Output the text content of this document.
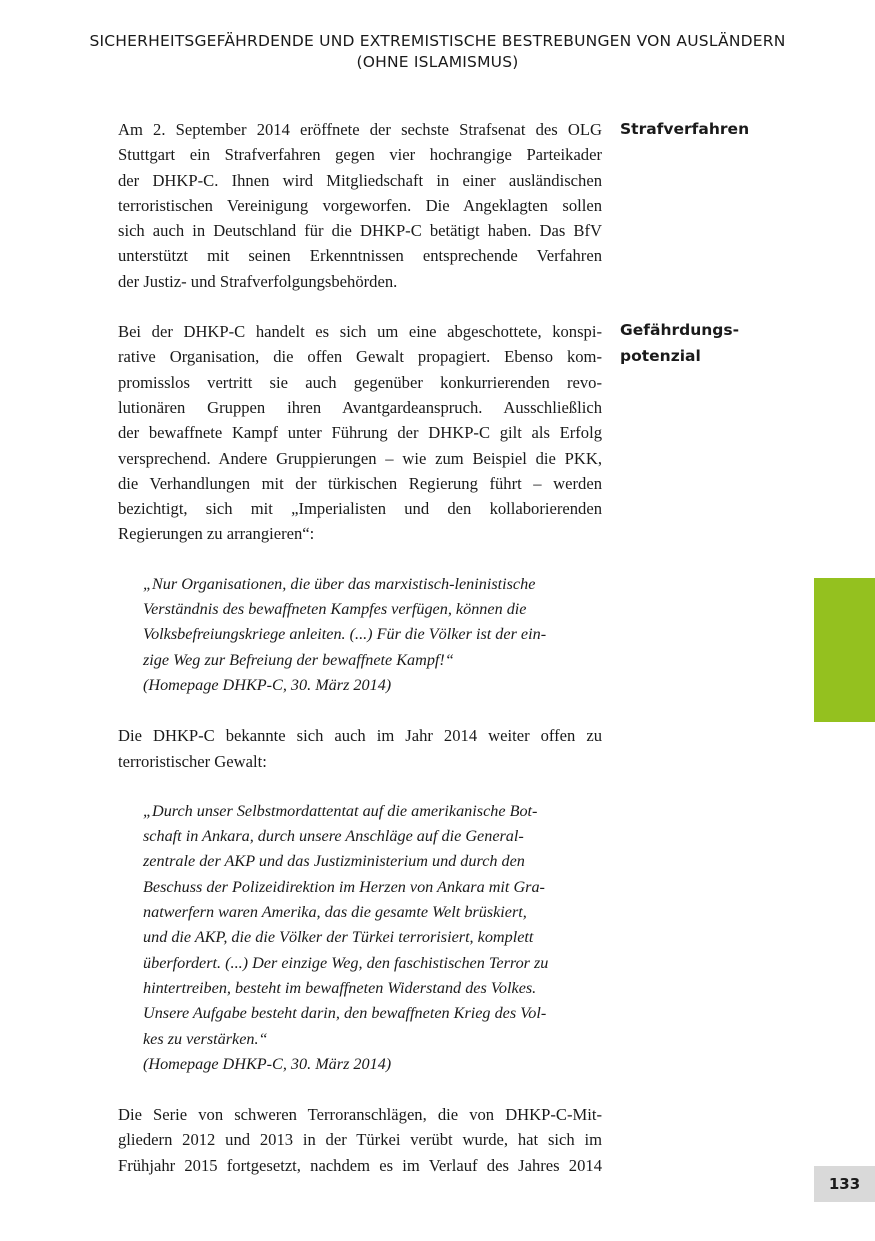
SICHERHEITSGEFÄHRDENDE UND EXTREMISTISCHE BESTREBUNGEN VON AUSLÄNDERN
(OHNE ISLAMISMUS)
Strafverfahren
Gefährdungs-
potenzial
Am 2. September 2014 eröffnete der sechste Strafsenat des OLG
Stuttgart ein Strafverfahren gegen vier hochrangige Parteikader
der DHKP-C. Ihnen wird Mitgliedschaft in einer ausländischen
terroristischen Vereinigung vorgeworfen. Die Angeklagten sollen
sich auch in Deutschland für die DHKP-C betätigt haben. Das BfV
unterstützt mit seinen Erkenntnissen entsprechende Verfahren
der Justiz- und Strafverfolgungsbehörden.
Bei der DHKP-C handelt es sich um eine abgeschottete, konspi-
rative Organisation, die offen Gewalt propagiert. Ebenso kom-
promisslos vertritt sie auch gegenüber konkurrierenden revo-
lutionären Gruppen ihren Avantgardeanspruch. Ausschließlich
der bewaffnete Kampf unter Führung der DHKP-C gilt als Erfolg
versprechend. Andere Gruppierungen – wie zum Beispiel die PKK,
die Verhandlungen mit der türkischen Regierung führt – werden
bezichtigt, sich mit „Imperialisten und den kollaborierenden
Regierungen zu arrangieren“:
„Nur Organisationen, die über das marxistisch-leninistische
Verständnis des bewaffneten Kampfes verfügen, können die
Volksbefreiungskriege anleiten. (...) Für die Völker ist der ein-
zige Weg zur Befreiung der bewaffnete Kampf!“
(Homepage DHKP-C, 30. März 2014)
Die DHKP-C bekannte sich auch im Jahr 2014 weiter offen zu
terroristischer Gewalt:
„Durch unser Selbstmordattentat auf die amerikanische Bot-
schaft in Ankara, durch unsere Anschläge auf die General-
zentrale der AKP und das Justizministerium und durch den
Beschuss der Polizeidirektion im Herzen von Ankara mit Gra-
natwerfern waren Amerika, das die gesamte Welt brüskiert,
und die AKP, die die Völker der Türkei terrorisiert, komplett
überfordert. (...) Der einzige Weg, den faschistischen Terror zu
hintertreiben, besteht im bewaffneten Widerstand des Volkes.
Unsere Aufgabe besteht darin, den bewaffneten Krieg des Vol-
kes zu verstärken.“
(Homepage DHKP-C, 30. März 2014)
Die Serie von schweren Terroranschlägen, die von DHKP-C-Mit-
gliedern 2012 und 2013 in der Türkei verübt wurde, hat sich im
Frühjahr 2015 fortgesetzt, nachdem es im Verlauf des Jahres 2014
133
